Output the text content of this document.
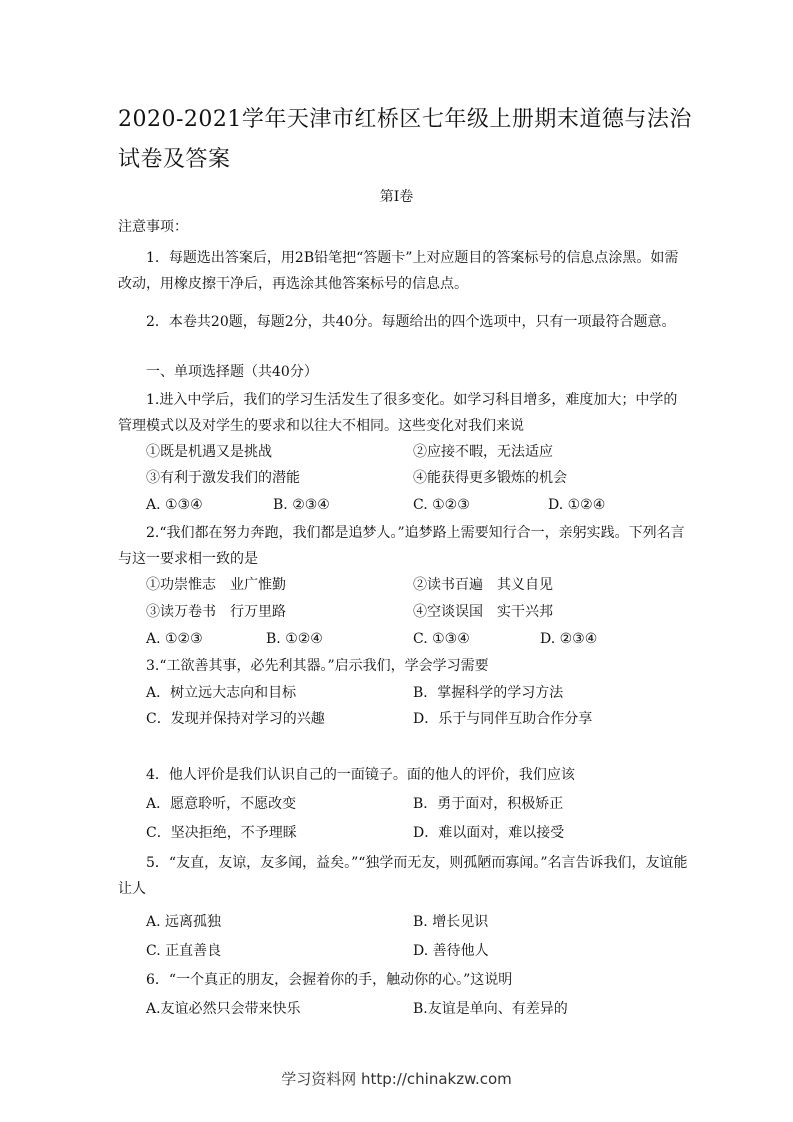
2020-2021学年天津市红桥区七年级上册期末道德与法治试卷及答案
第Ⅰ卷
注意事项：
1．每题选出答案后，用2B铅笔把“答题卡”上对应题目的答案标号的信息点涂黑。如需改动，用橡皮擦干净后，再选涂其他答案标号的信息点。
2．本卷共20题，每题2分，共40分。每题给出的四个选项中，只有一项最符合题意。
一、单项选择题（共40分）
1.进入中学后，我们的学习生活发生了很多变化。如学习科目增多，难度加大；中学的管理模式以及对学生的要求和以往大不相同。这些变化对我们来说
①既是机遇又是挑战	②应接不暇，无法适应
③有利于激发我们的潜能	④能获得更多锻炼的机会
A. ①③④	B. ②③④	C. ①②③	D. ①②④
2.“我们都在努力奔跑，我们都是追梦人。”追梦路上需要知行合一，亲躬实践。下列名言与这一要求相一致的是
①功崇惟志　业广惟勤	②读书百遍　其义自见
③读万卷书　行万里路	④空谈误国　实干兴邦
A. ①②③	B. ①②④	C. ①③④	D. ②③④
3.“工欲善其事，必先利其器。”启示我们，学会学习需要
A．树立远大志向和目标	B．掌握科学的学习方法
C．发现并保持对学习的兴趣	D．乐于与同伴互助合作分享
4．他人评价是我们认识自己的一面镜子。面的他人的评价，我们应该
A．愿意聆听，不愿改变	B．勇于面对，积极矫正
C．坚决拒绝，不予理睬	D．难以面对，难以接受
5．“友直，友谅，友多闻，益矣。”“独学而无友，则孤陋而寡闻。”名言告诉我们，友谊能让人
A. 远离孤独	B. 增长见识
C. 正直善良	D. 善待他人
6．“一个真正的朋友，会握着你的手，触动你的心。”这说明
A.友谊必然只会带来快乐	B.友谊是单向、有差异的
学习资料网 http://chinakzw.com
